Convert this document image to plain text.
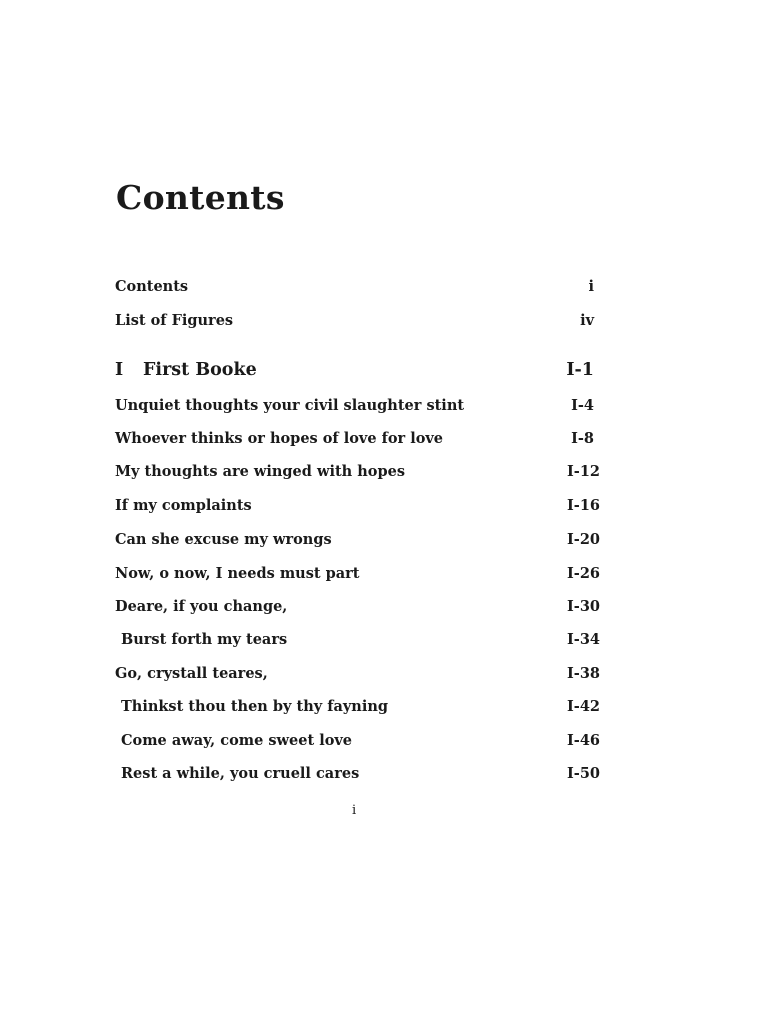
Contents
Contents	i
List of Figures	iv
I First Booke	I-1
Unquiet thoughts your civil slaughter stint	I-4
Whoever thinks or hopes of love for love	I-8
My thoughts are winged with hopes	I-12
If my complaints	I-16
Can she excuse my wrongs	I-20
Now, o now, I needs must part	I-26
Deare, if you change,	I-30
Burst forth my tears	I-34
Go, crystall teares,	I-38
Thinkst thou then by thy fayning	I-42
Come away, come sweet love	I-46
Rest a while, you cruell cares	I-50
i
